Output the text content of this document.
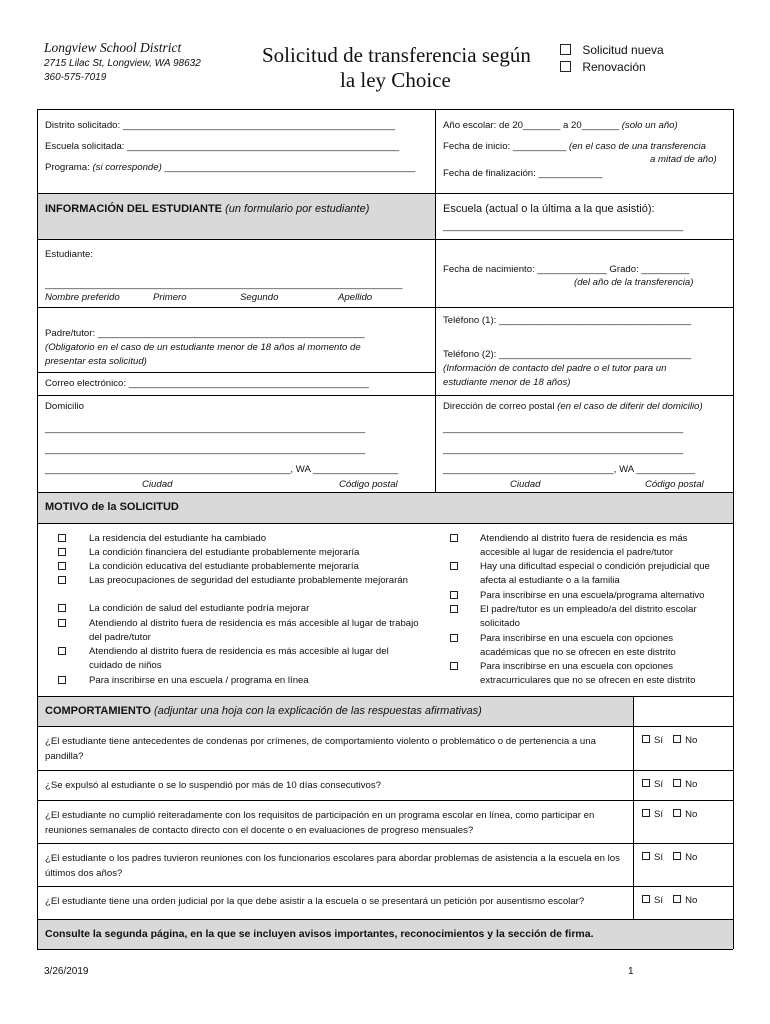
Longview School District
2715 Lilac St, Longview, WA 98632
360-575-7019
Solicitud de transferencia según
la ley Choice
Solicitud nueva
Renovación
Distrito solicitado: ___________________________________________________
Escuela solicitada: ___________________________________________________
Programa: (si corresponde) _______________________________________________
Año escolar: de 20_______ a 20_______ (solo un año)
Fecha de inicio: __________ (en el caso de una transferencia
a mitad de año)
Fecha de finalización: ____________
INFORMACIÓN DEL ESTUDIANTE (un formulario por estudiante)	Escuela (actual o la última a la que asistió):
_____________________________________________
Estudiante:
___________________________________________________________________
Nombre preferido	Primero	Segundo	Apellido
Fecha de nacimiento: _____________ Grado: _________
(del año de la transferencia)
Padre/tutor: __________________________________________________
(Obligatorio en el caso de un estudiante menor de 18 años al momento de
presentar esta solicitud)
Teléfono (1): ____________________________________
Teléfono (2): ____________________________________
(Información de contacto del padre o el tutor para un
estudiante menor de 18 años)
Correo electrónico: _____________________________________________
Domicilio
____________________________________________________________
____________________________________________________________
______________________________________________, WA ________________
Ciudad	Código postal
Dirección de correo postal (en el caso de diferir del domicilio)
_____________________________________________
_____________________________________________
________________________________, WA ___________
Ciudad	Código postal
MOTIVO de la SOLICITUD
La residencia del estudiante ha cambiado
La condición financiera del estudiante probablemente mejoraría
La condición educativa del estudiante probablemente mejoraría
Las preocupaciones de seguridad del estudiante probablemente mejorarán
La condición de salud del estudiante podría mejorar
Atendiendo al distrito fuera de residencia es más accesible al lugar de trabajo del padre/tutor
Atendiendo al distrito fuera de residencia es más accesible al lugar del cuidado de niños
Para inscribirse en una escuela / programa en línea
Atendiendo al distrito fuera de residencia es más accesible al lugar de residencia el padre/tutor
Hay una dificultad especial o condición prejudicial que afecta al estudiante o a la familia
Para inscribirse en una escuela/programa alternativo
El padre/tutor es un empleado/a del distrito escolar solicitado
Para inscribirse en una escuela con opciones académicas que no se ofrecen en este distrito
Para inscribirse en una escuela con opciones extracurriculares que no se ofrecen en este distrito
COMPORTAMIENTO (adjuntar una hoja con la explicación de las respuestas afirmativas)
¿El estudiante tiene antecedentes de condenas por crímenes, de comportamiento violento o problemático o de pertenencia a una pandilla?
Sí No
¿Se expulsó al estudiante o se lo suspendió por más de 10 días consecutivos?	Sí No
¿El estudiante no cumplió reiteradamente con los requisitos de participación en un programa escolar en línea, como participar en reuniones semanales de contacto directo con el docente o en evaluaciones de progreso mensuales?
Sí No
¿El estudiante o los padres tuvieron reuniones con los funcionarios escolares para abordar problemas de asistencia a la escuela en los últimos dos años?
Sí No
¿El estudiante tiene una orden judicial por la que debe asistir a la escuela o se presentará un petición por ausentismo escolar?	Sí No
Consulte la segunda página, en la que se incluyen avisos importantes, reconocimientos y la sección de firma.
3/26/2019	1
